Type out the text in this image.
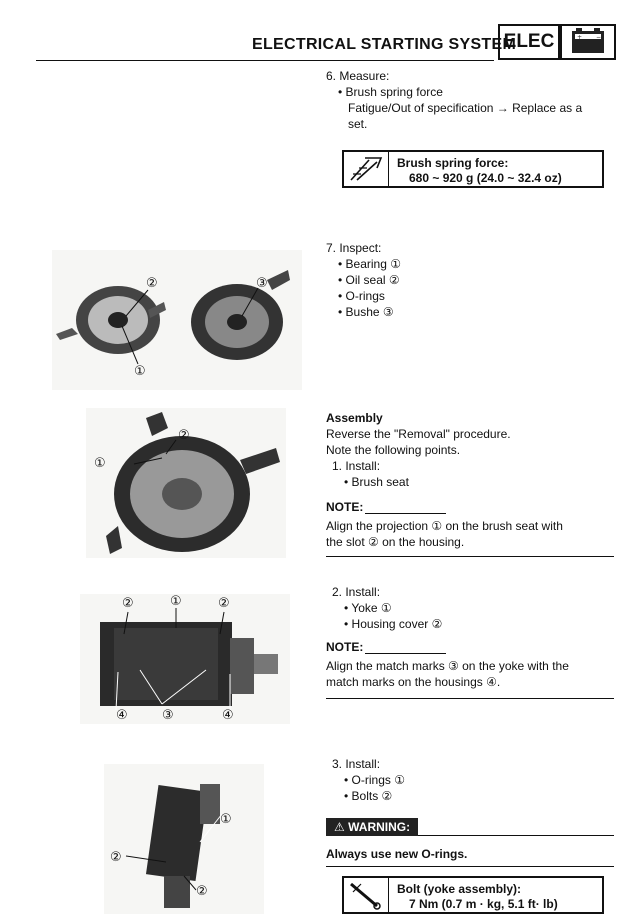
ELECTRICAL STARTING SYSTEM
ELEC	+ −
6. Measure:
• Brush spring force
Fatigue/Out of specification → Replace as a
set.
Brush spring force:
680 ~ 920 g (24.0 ~ 32.4 oz)
7. Inspect:
• Bearing ①
• Oil seal ②
• O-rings
• Bushe ③
Assembly
Reverse the "Removal" procedure.
Note the following points.
1. Install:
• Brush seat
NOTE:
Align the projection ① on the brush seat with
the slot ② on the housing.
2. Install:
• Yoke ①
• Housing cover ②
NOTE:
Align the match marks ③ on the yoke with the
match marks on the housings ④.
3. Install:
• O-rings ①
• Bolts ②
⚠ WARNING:
Always use new O-rings.
Bolt (yoke assembly):
7 Nm (0.7 m · kg, 5.1 ft· lb)
②
①
③
②
①
②	①	②
④	③	④
①
②
②
